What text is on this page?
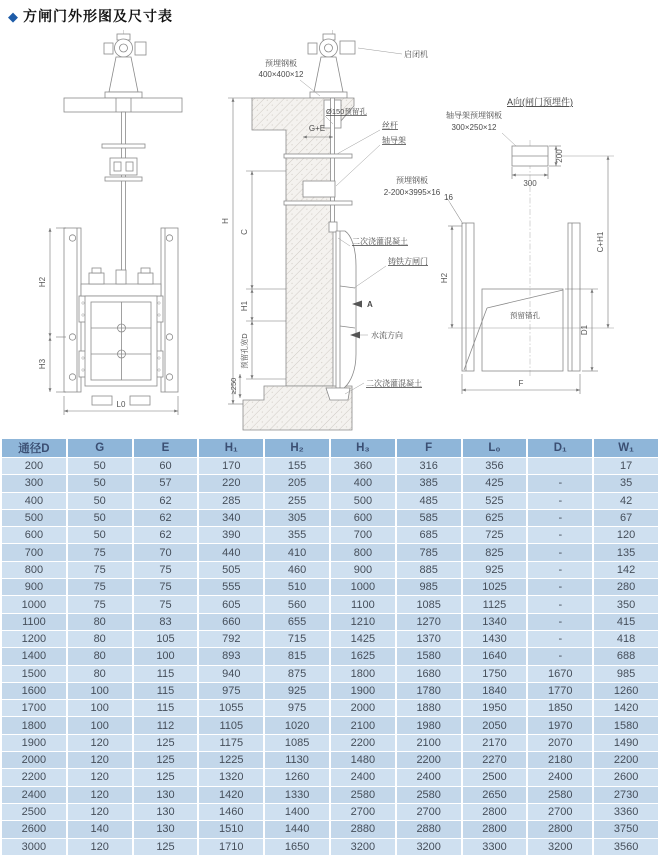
◆ 方闸门外形图及尺寸表
H2
H3
L0
预埋钢板
400×400×12
启闭机
Ø150预留孔
G+E	丝杆
轴导架
预埋钢板
2-200×3995×16
二次浇灌混凝土
铸铁方闸门
A
水流方向
二次浇灌混凝土
H
C
H1
预留孔宽D
≥250
A向(闸门预埋件)
轴导架预埋钢板
300×250×12
300
200
16
预留锚孔
H2
C+H1
D1
F
通径D	G	E	H₁	H₂	H₃	F	L₀	D₁	W₁
200	50	60	170	155	360	316	356		17
300	50	57	220	205	400	385	425	-	35
400	50	62	285	255	500	485	525	-	42
500	50	62	340	305	600	585	625	-	67
600	50	62	390	355	700	685	725	-	120
700	75	70	440	410	800	785	825	-	135
800	75	75	505	460	900	885	925	-	142
900	75	75	555	510	1000	985	1025	-	280
1000	75	75	605	560	1100	1085	1125	-	350
1100	80	83	660	655	1210	1270	1340	-	415
1200	80	105	792	715	1425	1370	1430	-	418
1400	80	100	893	815	1625	1580	1640	-	688
1500	80	115	940	875	1800	1680	1750	1670	985
1600	100	115	975	925	1900	1780	1840	1770	1260
1700	100	115	1055	975	2000	1880	1950	1850	1420
1800	100	112	1105	1020	2100	1980	2050	1970	1580
1900	120	125	1175	1085	2200	2100	2170	2070	1490
2000	120	125	1225	1130	1480	2200	2270	2180	2200
2200	120	125	1320	1260	2400	2400	2500	2400	2600
2400	120	130	1420	1330	2580	2580	2650	2580	2730
2500	120	130	1460	1400	2700	2700	2800	2700	3360
2600	140	130	1510	1440	2880	2880	2800	2800	3750
3000	120	125	1710	1650	3200	3200	3300	3200	3560
